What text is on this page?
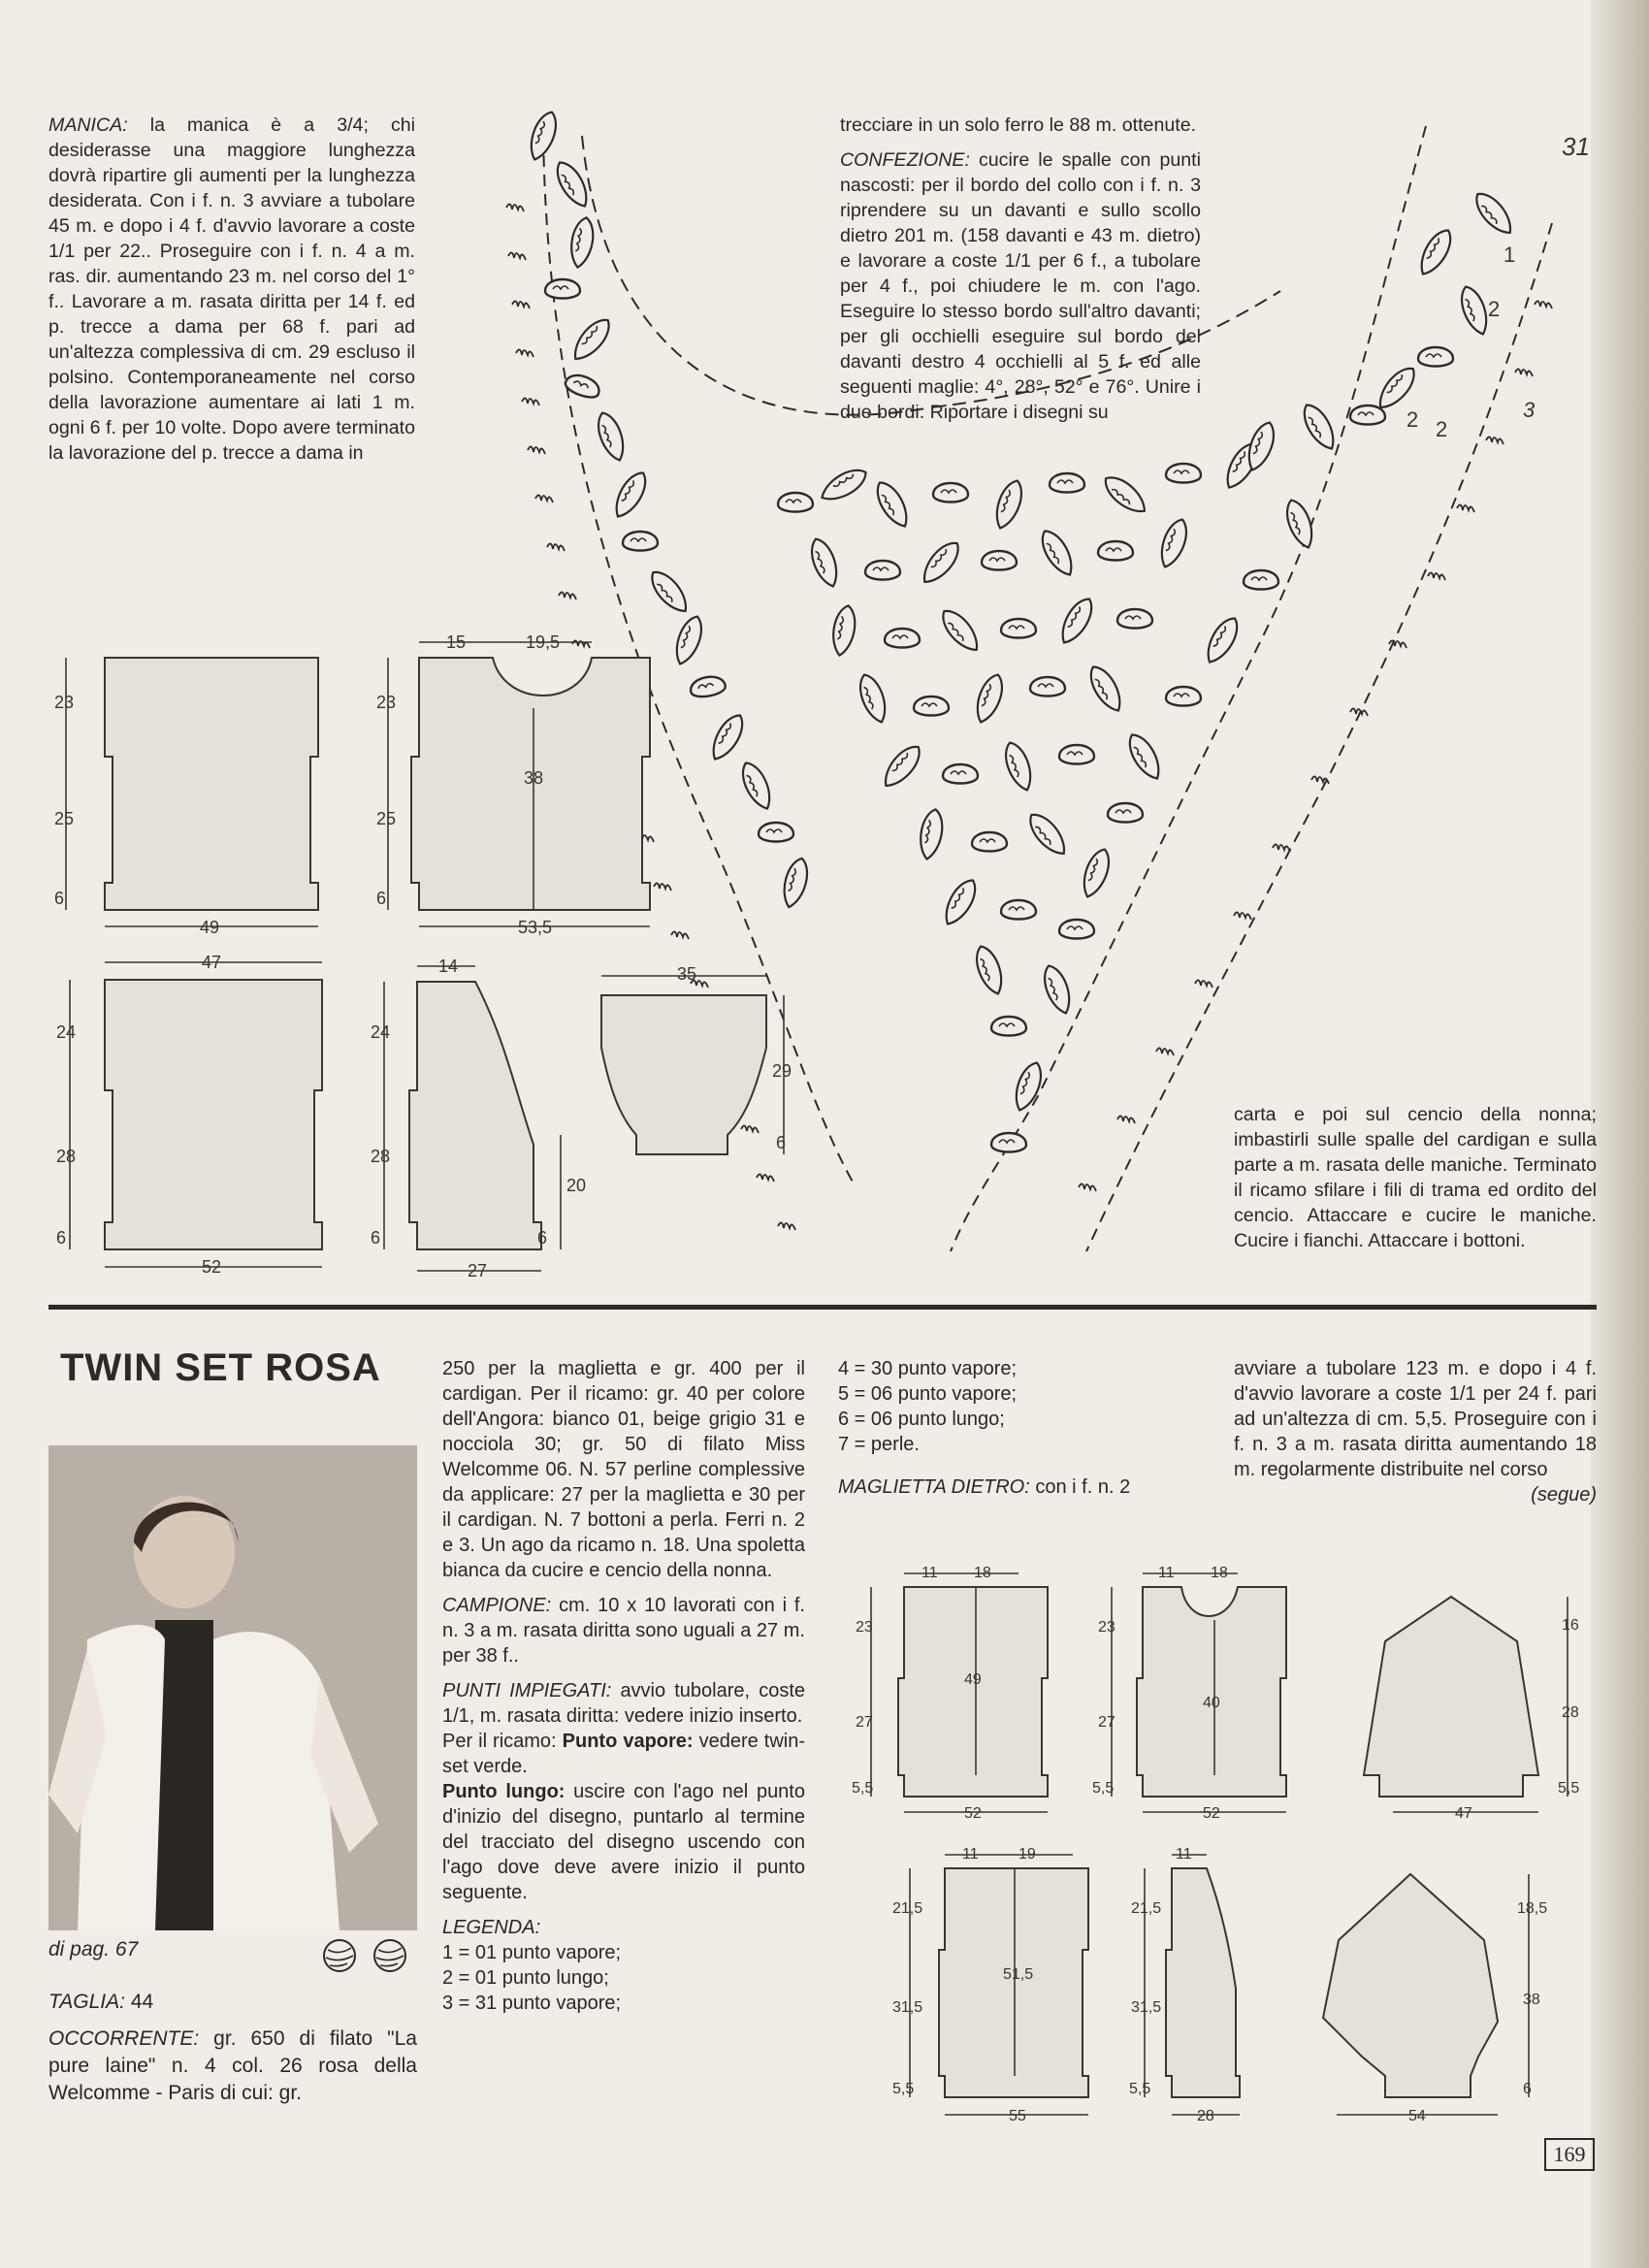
MANICA: la manica è a 3/4; chi desiderasse una maggiore lunghezza dovrà ripartire gli aumenti per la lunghezza desiderata. Con i f. n. 3 avviare a tubolare 45 m. e dopo i 4 f. d'avvio lavorare a coste 1/1 per 22.. Proseguire con i f. n. 4 a m. ras. dir. aumentando 23 m. nel corso del 1° f.. Lavorare a m. rasata diritta per 14 f. ed p. trecce a dama per 68 f. pari ad un'altezza complessiva di cm. 29 escluso il polsino. Contemporaneamente nel corso della lavorazione aumentare ai lati 1 m. ogni 6 f. per 10 volte. Dopo avere terminato la lavorazione del p. trecce a dama in

trecciare in un solo ferro le 88 m. ottenute.

CONFEZIONE: cucire le spalle con punti nascosti: per il bordo del collo con i f. n. 3 riprendere su un davanti e sullo scollo dietro 201 m. (158 davanti e 43 m. dietro) e lavorare a coste 1/1 per 6 f., a tubolare per 4 f., poi chiudere le m. con l'ago. Eseguire lo stesso bordo sull'altro davanti; per gli occhielli eseguire sul bordo del davanti destro 4 occhielli al 5 f. ed alle seguenti maglie: 4°, 28°, 52° e 76°. Unire i due bordi. Riportare i disegni su

carta e poi sul cencio della nonna; imbastirli sulle spalle del cardigan e sulla parte a m. rasata delle maniche. Terminato il ricamo sfilare i fili di trama ed ordito del cencio. Attaccare e cucire le maniche. Cucire i fianchi. Attaccare i bottoni.

1
2
2 2
3
31
23
25
6
49
38
15	19,5
23
25
6
53,5
47
24
28
6
52
14
24
28
6
20
6
27
35
29
6
TWIN SET ROSA
di pag. 67

TAGLIA: 44

OCCORRENTE: gr. 650 di filato "La pure laine" n. 4 col. 26 rosa della Welcomme - Paris di cui: gr.

250 per la maglietta e gr. 400 per il cardigan. Per il ricamo: gr. 40 per colore dell'Angora: bianco 01, beige grigio 31 e nocciola 30; gr. 50 di filato Miss Welcomme 06. N. 57 perline complessive da applicare: 27 per la maglietta e 30 per il cardigan. N. 7 bottoni a perla. Ferri n. 2 e 3. Un ago da ricamo n. 18. Una spoletta bianca da cucire e cencio della nonna.

CAMPIONE: cm. 10 x 10 lavorati con i f. n. 3 a m. rasata diritta sono uguali a 27 m. per 38 f..

PUNTI IMPIEGATI: avvio tubolare, coste 1/1, m. rasata diritta: vedere inizio inserto.
Per il ricamo: Punto vapore: vedere twin-set verde.
Punto lungo: uscire con l'ago nel punto d'inizio del disegno, puntarlo al termine del tracciato del disegno uscendo con l'ago dove deve avere inizio il punto seguente.

LEGENDA:
1 = 01 punto vapore;
2 = 01 punto lungo;
3 = 31 punto vapore;

4 = 30 punto vapore;
5 = 06 punto vapore;
6 = 06 punto lungo;
7 = perle.

MAGLIETTA DIETRO: con i f. n. 2

avviare a tubolare 123 m. e dopo i 4 f. d'avvio lavorare a coste 1/1 per 24 f. pari ad un'altezza di cm. 5,5. Proseguire con i f. n. 3 a m. rasata diritta aumentando 18 m. regolarmente distribuite nel corso
(segue)

49
11 18
23
27
5,5
52
40
11 18
23
27
5,5
52
16
28
5,5
47
51,5
11	19
21,5
31,5
5,5
55
11
21,5
31,5
5,5
28
18,5
38
6
54
169
